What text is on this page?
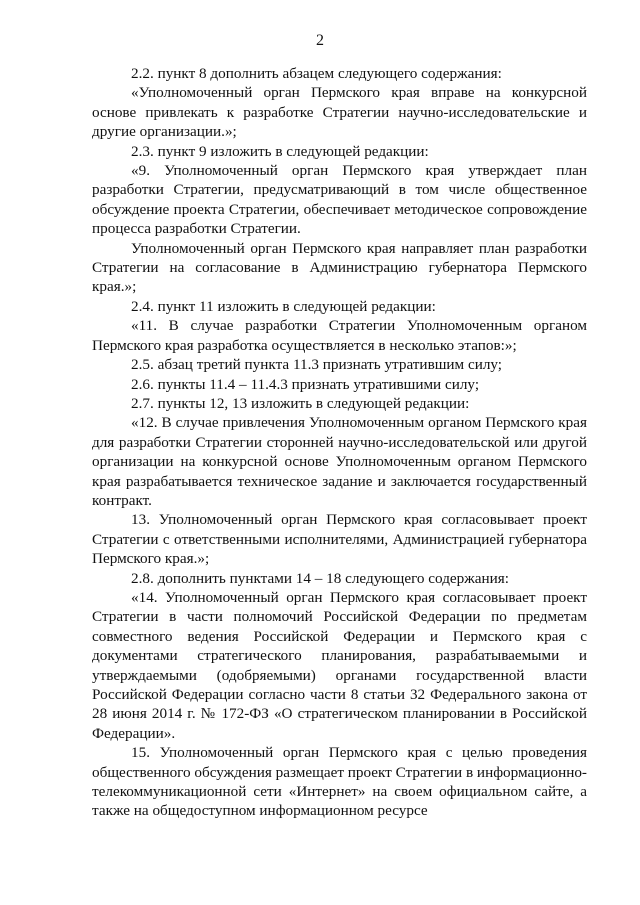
2

2.2. пункт 8 дополнить абзацем следующего содержания:

«Уполномоченный орган Пермского края вправе на конкурсной основе привлекать к разработке Стратегии научно-исследовательские и другие организации.»;

2.3. пункт 9 изложить в следующей редакции:

«9. Уполномоченный орган Пермского края утверждает план разработки Стратегии, предусматривающий в том числе общественное обсуждение проекта Стратегии, обеспечивает методическое сопровождение процесса разработки Стратегии.

Уполномоченный орган Пермского края направляет план разработки Стратегии на согласование в Администрацию губернатора Пермского края.»;

2.4. пункт 11 изложить в следующей редакции:

«11. В случае разработки Стратегии Уполномоченным органом Пермского края разработка осуществляется в несколько этапов:»;

2.5. абзац третий пункта 11.3 признать утратившим силу;

2.6. пункты 11.4 – 11.4.3 признать утратившими силу;

2.7. пункты 12, 13 изложить в следующей редакции:

«12. В случае привлечения Уполномоченным органом Пермского края для разработки Стратегии сторонней научно-исследовательской или другой организации на конкурсной основе Уполномоченным органом Пермского края разрабатывается техническое задание и заключается государственный контракт.

13. Уполномоченный орган Пермского края согласовывает проект Стратегии с ответственными исполнителями, Администрацией губернатора Пермского края.»;

2.8. дополнить пунктами 14 – 18 следующего содержания:

«14. Уполномоченный орган Пермского края согласовывает проект Стратегии в части полномочий Российской Федерации по предметам совместного ведения Российской Федерации и Пермского края с документами стратегического планирования, разрабатываемыми и утверждаемыми (одобряемыми) органами государственной власти Российской Федерации согласно части 8 статьи 32 Федерального закона от 28 июня 2014 г. № 172-ФЗ «О стратегическом планировании в Российской Федерации».

15. Уполномоченный орган Пермского края с целью проведения общественного обсуждения размещает проект Стратегии в информационно-телекоммуникационной сети «Интернет» на своем официальном сайте, а также на общедоступном информационном ресурсе
